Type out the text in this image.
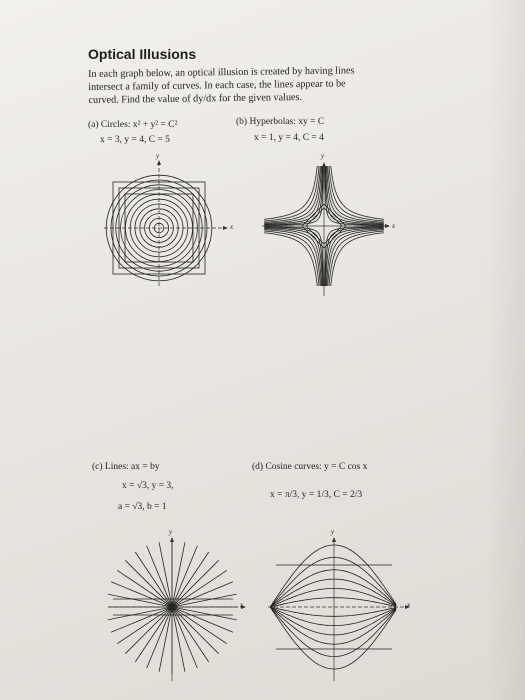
Optical Illusions
In each graph below, an optical illusion is created by having lines
intersect a family of curves. In each case, the lines appear to be
curved. Find the value of dy/dx for the given values.
(a) Circles: x² + y² = C²
x = 3, y = 4, C = 5
(b) Hyperbolas: xy = C
x = 1, y = 4, C = 4
y
x
y
x
(c) Lines: ax = by
x = √3, y = 3,
a = √3, b = 1
(d) Cosine curves: y = C cos x
x = π/3, y = 1/3, C = 2/3
y
x
y
x
